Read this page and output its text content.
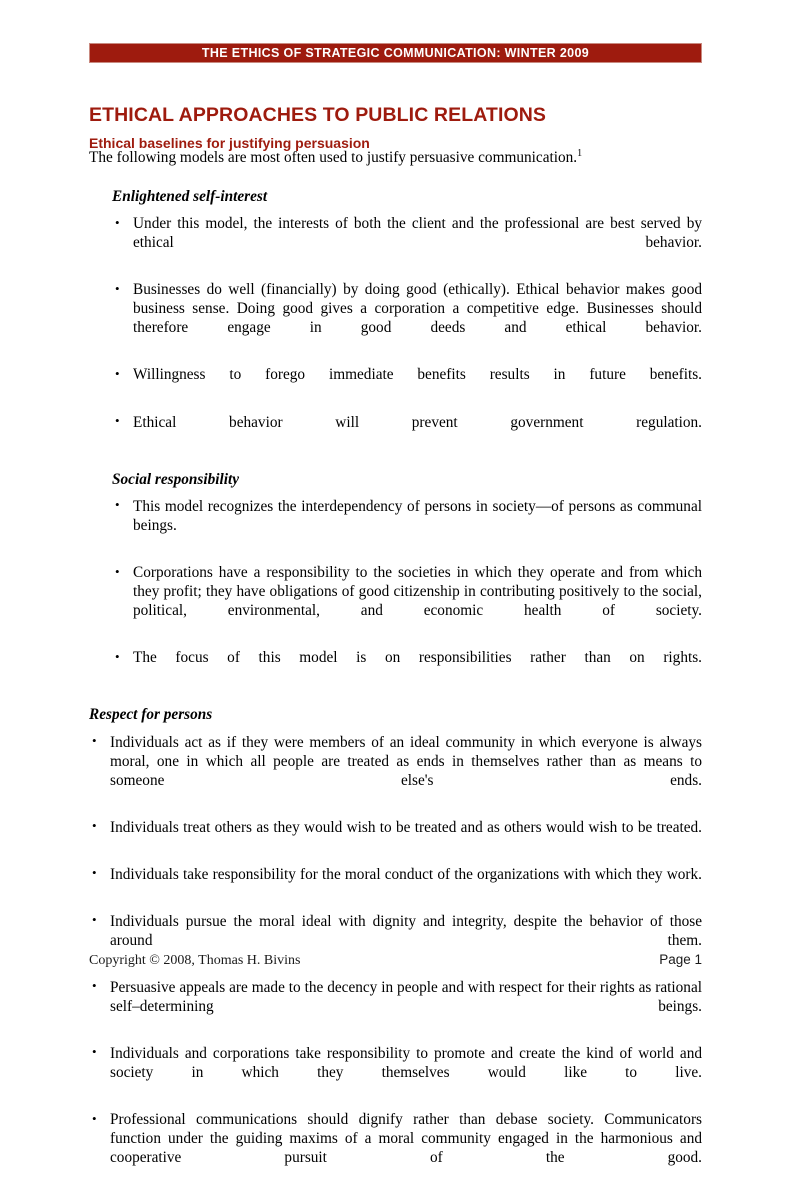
THE ETHICS OF STRATEGIC COMMUNICATION: WINTER 2009
ETHICAL APPROACHES TO PUBLIC RELATIONS
Ethical baselines for justifying persuasion

The following models are most often used to justify persuasive communication.$^1$

Enlightened self-interest
• Under this model, the interests of both the client and the professional are best served by ethical behavior.
• Businesses do well (financially) by doing good (ethically). Ethical behavior makes good business sense. Doing good gives a corporation a competitive edge. Businesses should therefore engage in good deeds and ethical behavior.
• Willingness to forego immediate benefits results in future benefits.
• Ethical behavior will prevent government regulation.
Social responsibility
• This model recognizes the interdependency of persons in society—of persons as communal beings.
• Corporations have a responsibility to the societies in which they operate and from which they profit; they have obligations of good citizenship in contributing positively to the social, political, environmental, and economic health of society.
• The focus of this model is on responsibilities rather than on rights.
Respect for persons
• Individuals act as if they were members of an ideal community in which everyone is always moral, one in which all people are treated as ends in themselves rather than as means to someone else's ends.
• Individuals treat others as they would wish to be treated and as others would wish to be treated.
• Individuals take responsibility for the moral conduct of the organizations with which they work.
• Individuals pursue the moral ideal with dignity and integrity, despite the behavior of those around them.
• Persuasive appeals are made to the decency in people and with respect for their rights as rational self–determining beings.
• Individuals and corporations take responsibility to promote and create the kind of world and society in which they themselves would like to live.
• Professional communications should dignify rather than debase society. Communicators function under the guiding maxims of a moral community engaged in the harmonious and cooperative pursuit of the good.
Copyright © 2008, Thomas H. Bivins	Page 1
